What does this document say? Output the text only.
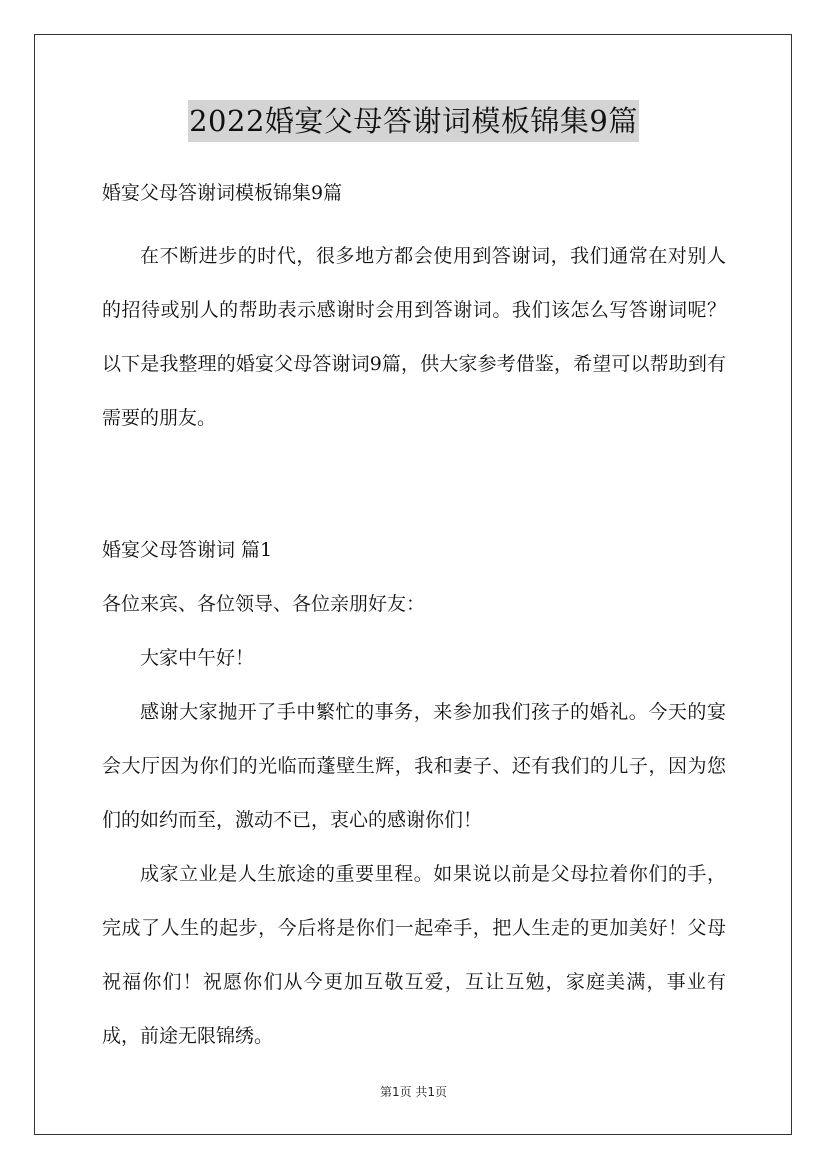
2022婚宴父母答谢词模板锦集9篇

婚宴父母答谢词模板锦集9篇

在不断进步的时代，很多地方都会使用到答谢词，我们通常在对别人的招待或别人的帮助表示感谢时会用到答谢词。我们该怎么写答谢词呢？以下是我整理的婚宴父母答谢词9篇，供大家参考借鉴，希望可以帮助到有需要的朋友。

婚宴父母答谢词 篇1

各位来宾、各位领导、各位亲朋好友：

大家中午好！

感谢大家抛开了手中繁忙的事务，来参加我们孩子的婚礼。今天的宴会大厅因为你们的光临而蓬壁生辉，我和妻子、还有我们的儿子，因为您们的如约而至，激动不已，衷心的感谢你们！

成家立业是人生旅途的重要里程。如果说以前是父母拉着你们的手，完成了人生的起步，今后将是你们一起牵手，把人生走的更加美好！父母祝福你们！祝愿你们从今更加互敬互爱，互让互勉，家庭美满，事业有成，前途无限锦绣。

第1页 共1页
